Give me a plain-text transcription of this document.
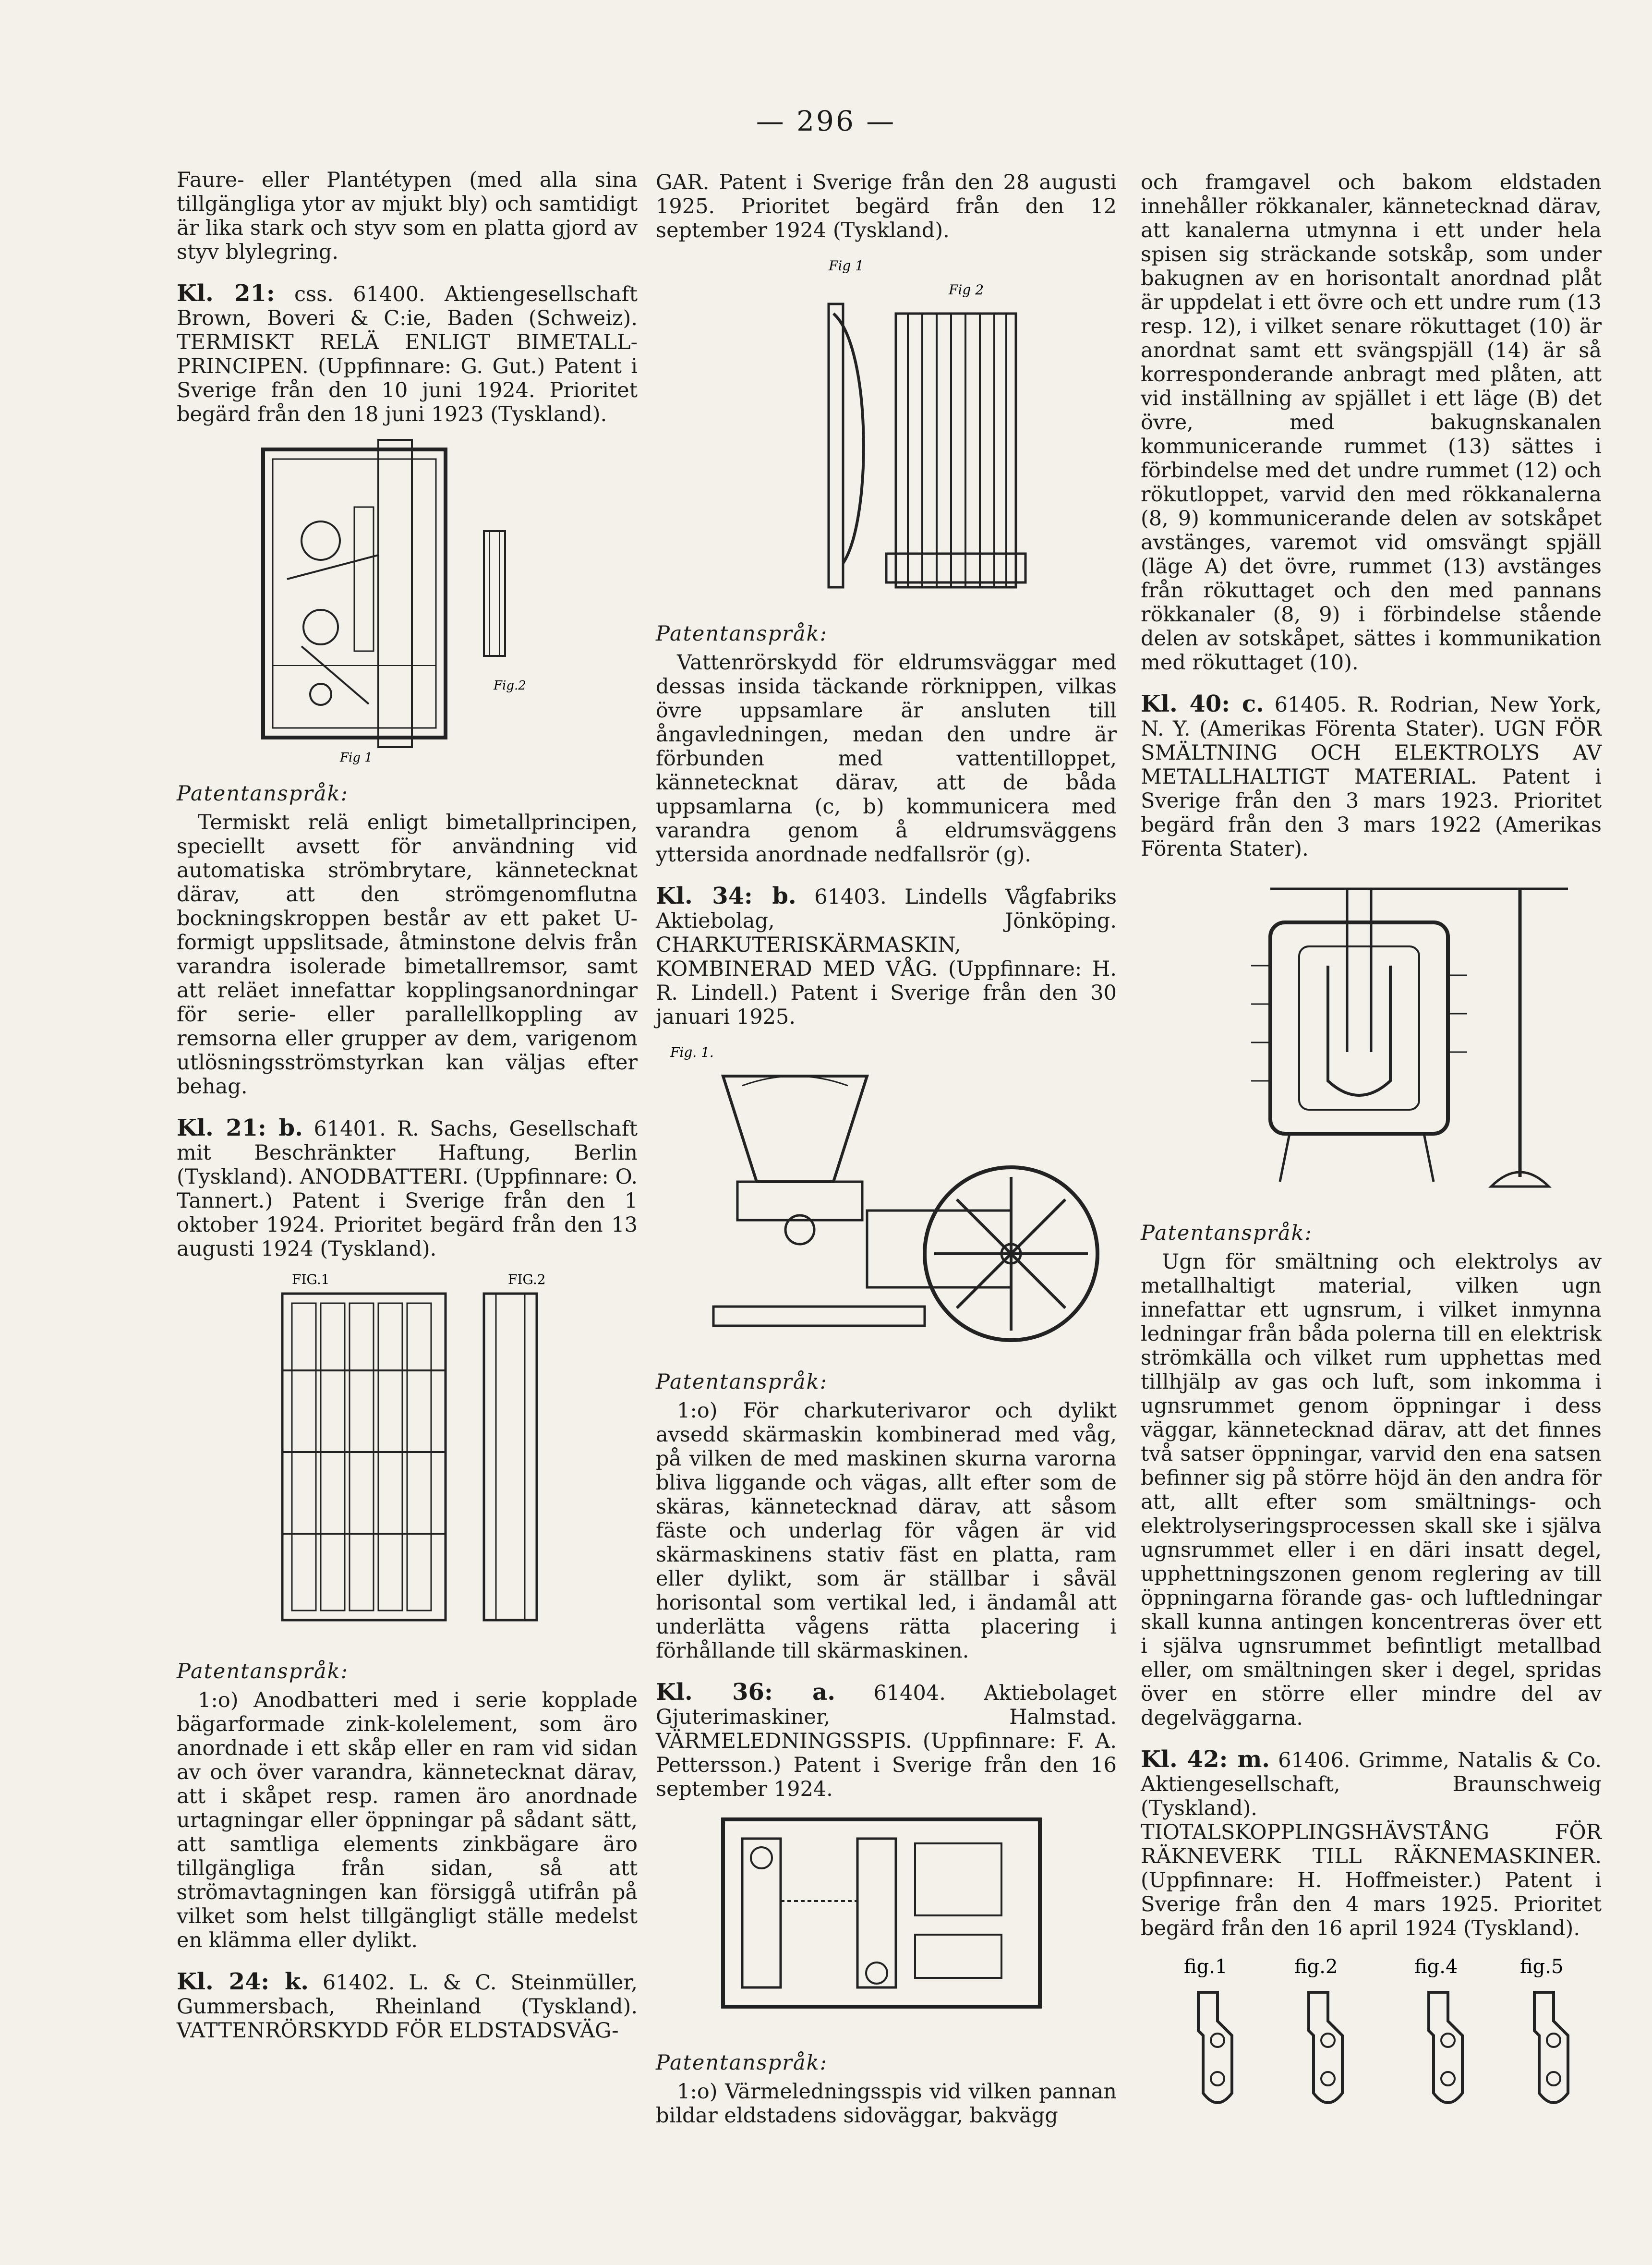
— 296 —

Faure- eller Plantétypen (med alla sina tillgängliga ytor av mjukt bly) och samtidigt är lika stark och styv som en platta gjord av styv blylegring.

Kl. 21: css. 61400. Aktiengesellschaft Brown, Boveri & C:ie, Baden (Schweiz). TERMISKT RELÄ ENLIGT BIMETALL-PRINCIPEN. (Uppfinnare: G. Gut.) Patent i Sverige från den 10 juni 1924. Prioritet begärd från den 18 juni 1923 (Tyskland).

Fig.2
Fig 1

Patentanspråk:

Termiskt relä enligt bimetallprincipen, speciellt avsett för användning vid automatiska strömbrytare, kännetecknat därav, att den strömgenomflutna bockningskroppen består av ett paket U-formigt uppslitsade, åtminstone delvis från varandra isolerade bimetallremsor, samt att reläet innefattar kopplingsanordningar för serie- eller parallellkoppling av remsorna eller grupper av dem, varigenom utlösningsströmstyrkan kan väljas efter behag.

Kl. 21: b. 61401. R. Sachs, Gesellschaft mit Beschränkter Haftung, Berlin (Tyskland). ANODBATTERI. (Uppfinnare: O. Tannert.) Patent i Sverige från den 1 oktober 1924. Prioritet begärd från den 13 augusti 1924 (Tyskland).

FIG.1	FIG.2

Patentanspråk:

1:o) Anodbatteri med i serie kopplade bägarformade zink-kolelement, som äro anordnade i ett skåp eller en ram vid sidan av och över varandra, kännetecknat därav, att i skåpet resp. ramen äro anordnade urtagningar eller öppningar på sådant sätt, att samtliga elements zinkbägare äro tillgängliga från sidan, så att strömavtagningen kan försiggå utifrån på vilket som helst tillgängligt ställe medelst en klämma eller dylikt.

Kl. 24: k. 61402. L. & C. Steinmüller, Gummersbach, Rheinland (Tyskland). VATTENRÖRSKYDD FÖR ELDSTADSVÄG-

GAR. Patent i Sverige från den 28 augusti 1925. Prioritet begärd från den 12 september 1924 (Tyskland).

Fig 1
Fig 2

Patentanspråk:

Vattenrörskydd för eldrumsväggar med dessas insida täckande rörknippen, vilkas övre uppsamlare är ansluten till ångavledningen, medan den undre är förbunden med vattentilloppet, kännetecknat därav, att de båda uppsamlarna (c, b) kommunicera med varandra genom å eldrumsväggens yttersida anordnade nedfallsrör (g).

Kl. 34: b. 61403. Lindells Vågfabriks Aktiebolag, Jönköping. CHARKUTERISKÄRMASKIN, KOMBINERAD MED VÅG. (Uppfinnare: H. R. Lindell.) Patent i Sverige från den 30 januari 1925.

Fig. 1.

Patentanspråk:

1:o) För charkuterivaror och dylikt avsedd skärmaskin kombinerad med våg, på vilken de med maskinen skurna varorna bliva liggande och vägas, allt efter som de skäras, kännetecknad därav, att såsom fäste och underlag för vågen är vid skärmaskinens stativ fäst en platta, ram eller dylikt, som är ställbar i såväl horisontal som vertikal led, i ändamål att underlätta vågens rätta placering i förhållande till skärmaskinen.

Kl. 36: a. 61404. Aktiebolaget Gjuterimaskiner, Halmstad. VÄRMELEDNINGSSPIS. (Uppfinnare: F. A. Pettersson.) Patent i Sverige från den 16 september 1924.

Patentanspråk:

1:o) Värmeledningsspis vid vilken pannan bildar eldstadens sidoväggar, bakvägg

och framgavel och bakom eldstaden innehåller rökkanaler, kännetecknad därav, att kanalerna utmynna i ett under hela spisen sig sträckande sotskåp, som under bakugnen av en horisontalt anordnad plåt är uppdelat i ett övre och ett undre rum (13 resp. 12), i vilket senare rökuttaget (10) är anordnat samt ett svängspjäll (14) är så korresponderande anbragt med plåten, att vid inställning av spjället i ett läge (B) det övre, med bakugnskanalen kommunicerande rummet (13) sättes i förbindelse med det undre rummet (12) och rökutloppet, varvid den med rökkanalerna (8, 9) kommunicerande delen av sotskåpet avstänges, varemot vid omsvängt spjäll (läge A) det övre, rummet (13) avstänges från rökuttaget och den med pannans rökkanaler (8, 9) i förbindelse stående delen av sotskåpet, sättes i kommunikation med rökuttaget (10).

Kl. 40: c. 61405. R. Rodrian, New York, N. Y. (Amerikas Förenta Stater). UGN FÖR SMÄLTNING OCH ELEKTROLYS AV METALLHALTIGT MATERIAL. Patent i Sverige från den 3 mars 1923. Prioritet begärd från den 3 mars 1922 (Amerikas Förenta Stater).

Patentanspråk:

Ugn för smältning och elektrolys av metallhaltigt material, vilken ugn innefattar ett ugnsrum, i vilket inmynna ledningar från båda polerna till en elektrisk strömkälla och vilket rum upphettas med tillhjälp av gas och luft, som inkomma i ugnsrummet genom öppningar i dess väggar, kännetecknad därav, att det finnes två satser öppningar, varvid den ena satsen befinner sig på större höjd än den andra för att, allt efter som smältnings- och elektrolyseringsprocessen skall ske i själva ugnsrummet eller i en däri insatt degel, upphettningszonen genom reglering av till öppningarna förande gas- och luftledningar skall kunna antingen koncentreras över ett i själva ugnsrummet befintligt metallbad eller, om smältningen sker i degel, spridas över en större eller mindre del av degelväggarna.

Kl. 42: m. 61406. Grimme, Natalis & Co. Aktiengesellschaft, Braunschweig (Tyskland). TIOTALSKOPPLINGSHÄVSTÅNG FÖR RÄKNEVERK TILL RÄKNEMASKINER. (Uppfinnare: H. Hoffmeister.) Patent i Sverige från den 4 mars 1925. Prioritet begärd från den 16 april 1924 (Tyskland).

fig.1	fig.2	fig.4	fig.5
